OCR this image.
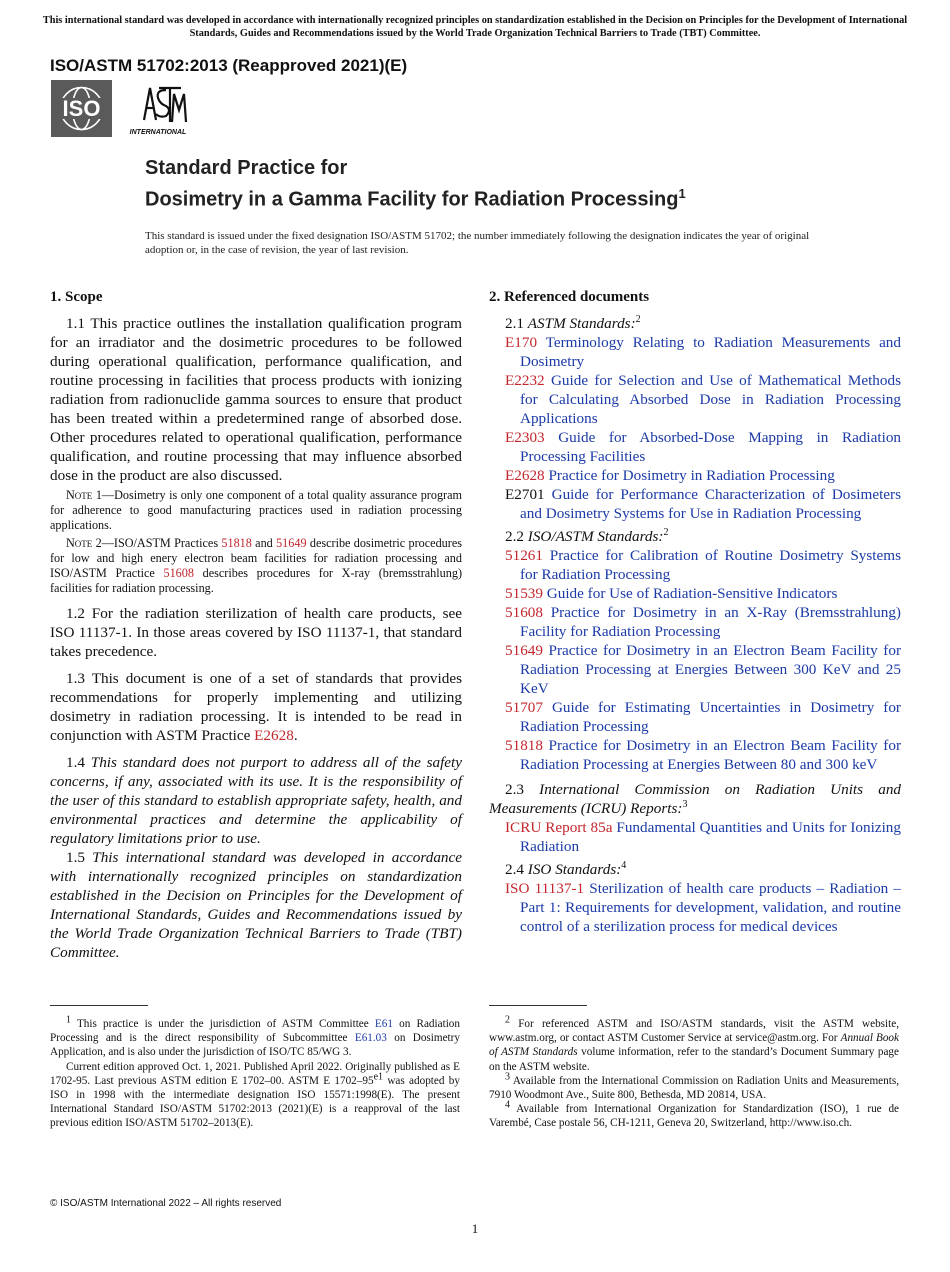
This international standard was developed in accordance with internationally recognized principles on standardization established in the Decision on Principles for the Development of International Standards, Guides and Recommendations issued by the World Trade Organization Technical Barriers to Trade (TBT) Committee.
ISO/ASTM 51702:2013 (Reapproved 2021)(E)
ISO
INTERNATIONAL
Standard Practice for
Dosimetry in a Gamma Facility for Radiation Processing$^1$
This standard is issued under the fixed designation ISO/ASTM 51702; the number immediately following the designation indicates the year of original adoption or, in the case of revision, the year of last revision.
1. Scope

1.1 This practice outlines the installation qualification program for an irradiator and the dosimetric procedures to be followed during operational qualification, performance qualification, and routine processing in facilities that process products with ionizing radiation from radionuclide gamma sources to ensure that product has been treated within a predetermined range of absorbed dose. Other procedures related to operational qualification, performance qualification, and routine processing that may influence absorbed dose in the product are also discussed.

Note 1—Dosimetry is only one component of a total quality assurance program for adherence to good manufacturing practices used in radiation processing applications.

Note 2—ISO/ASTM Practices 51818 and 51649 describe dosimetric procedures for low and high enery electron beam facilities for radiation processing and ISO/ASTM Practice 51608 describes procedures for X-ray (bremsstrahlung) facilities for radiation processing.

1.2 For the radiation sterilization of health care products, see ISO 11137-1. In those areas covered by ISO 11137-1, that standard takes precedence.

1.3 This document is one of a set of standards that provides recommendations for properly implementing and utilizing dosimetry in radiation processing. It is intended to be read in conjunction with ASTM Practice E2628.

1.4 This standard does not purport to address all of the safety concerns, if any, associated with its use. It is the responsibility of the user of this standard to establish appropriate safety, health, and environmental practices and determine the applicability of regulatory limitations prior to use.

1.5 This international standard was developed in accordance with internationally recognized principles on standardization established in the Decision on Principles for the Development of International Standards, Guides and Recommendations issued by the World Trade Organization Technical Barriers to Trade (TBT) Committee.

2. Referenced documents

2.1 ASTM Standards:$^2$

E170 Terminology Relating to Radiation Measurements and Dosimetry

E2232 Guide for Selection and Use of Mathematical Methods for Calculating Absorbed Dose in Radiation Processing Applications

E2303 Guide for Absorbed-Dose Mapping in Radiation Processing Facilities

E2628 Practice for Dosimetry in Radiation Processing

E2701 Guide for Performance Characterization of Dosimeters and Dosimetry Systems for Use in Radiation Processing

2.2 ISO/ASTM Standards:$^2$

51261 Practice for Calibration of Routine Dosimetry Systems for Radiation Processing

51539 Guide for Use of Radiation-Sensitive Indicators

51608 Practice for Dosimetry in an X-Ray (Bremsstrahlung) Facility for Radiation Processing

51649 Practice for Dosimetry in an Electron Beam Facility for Radiation Processing at Energies Between 300 KeV and 25 KeV

51707 Guide for Estimating Uncertainties in Dosimetry for Radiation Processing

51818 Practice for Dosimetry in an Electron Beam Facility for Radiation Processing at Energies Between 80 and 300 keV

2.3 International Commission on Radiation Units and Measurements (ICRU) Reports:$^3$

ICRU Report 85a Fundamental Quantities and Units for Ionizing Radiation

2.4 ISO Standards:$^4$

ISO 11137-1 Sterilization of health care products – Radiation – Part 1: Requirements for development, validation, and routine control of a sterilization process for medical devices

1 This practice is under the jurisdiction of ASTM Committee E61 on Radiation Processing and is the direct responsibility of Subcommittee E61.03 on Dosimetry Application, and is also under the jurisdiction of ISO/TC 85/WG 3.

Current edition approved Oct. 1, 2021. Published April 2022. Originally published as E 1702-95. Last previous ASTM edition E 1702–00. ASTM E 1702–95e1 was adopted by ISO in 1998 with the intermediate designation ISO 15571:1998(E). The present International Standard ISO/ASTM 51702:2013 (2021)(E) is a reapproval of the last previous edition ISO/ASTM 51702–2013(E).

2 For referenced ASTM and ISO/ASTM standards, visit the ASTM website, www.astm.org, or contact ASTM Customer Service at service@astm.org. For Annual Book of ASTM Standards volume information, refer to the standard’s Document Summary page on the ASTM website.

3 Available from the International Commission on Radiation Units and Measurements, 7910 Woodmont Ave., Suite 800, Bethesda, MD 20814, USA.

4 Available from International Organization for Standardization (ISO), 1 rue de Varembé, Case postale 56, CH-1211, Geneva 20, Switzerland, http://www.iso.ch.

© ISO/ASTM International 2022 – All rights reserved
1
